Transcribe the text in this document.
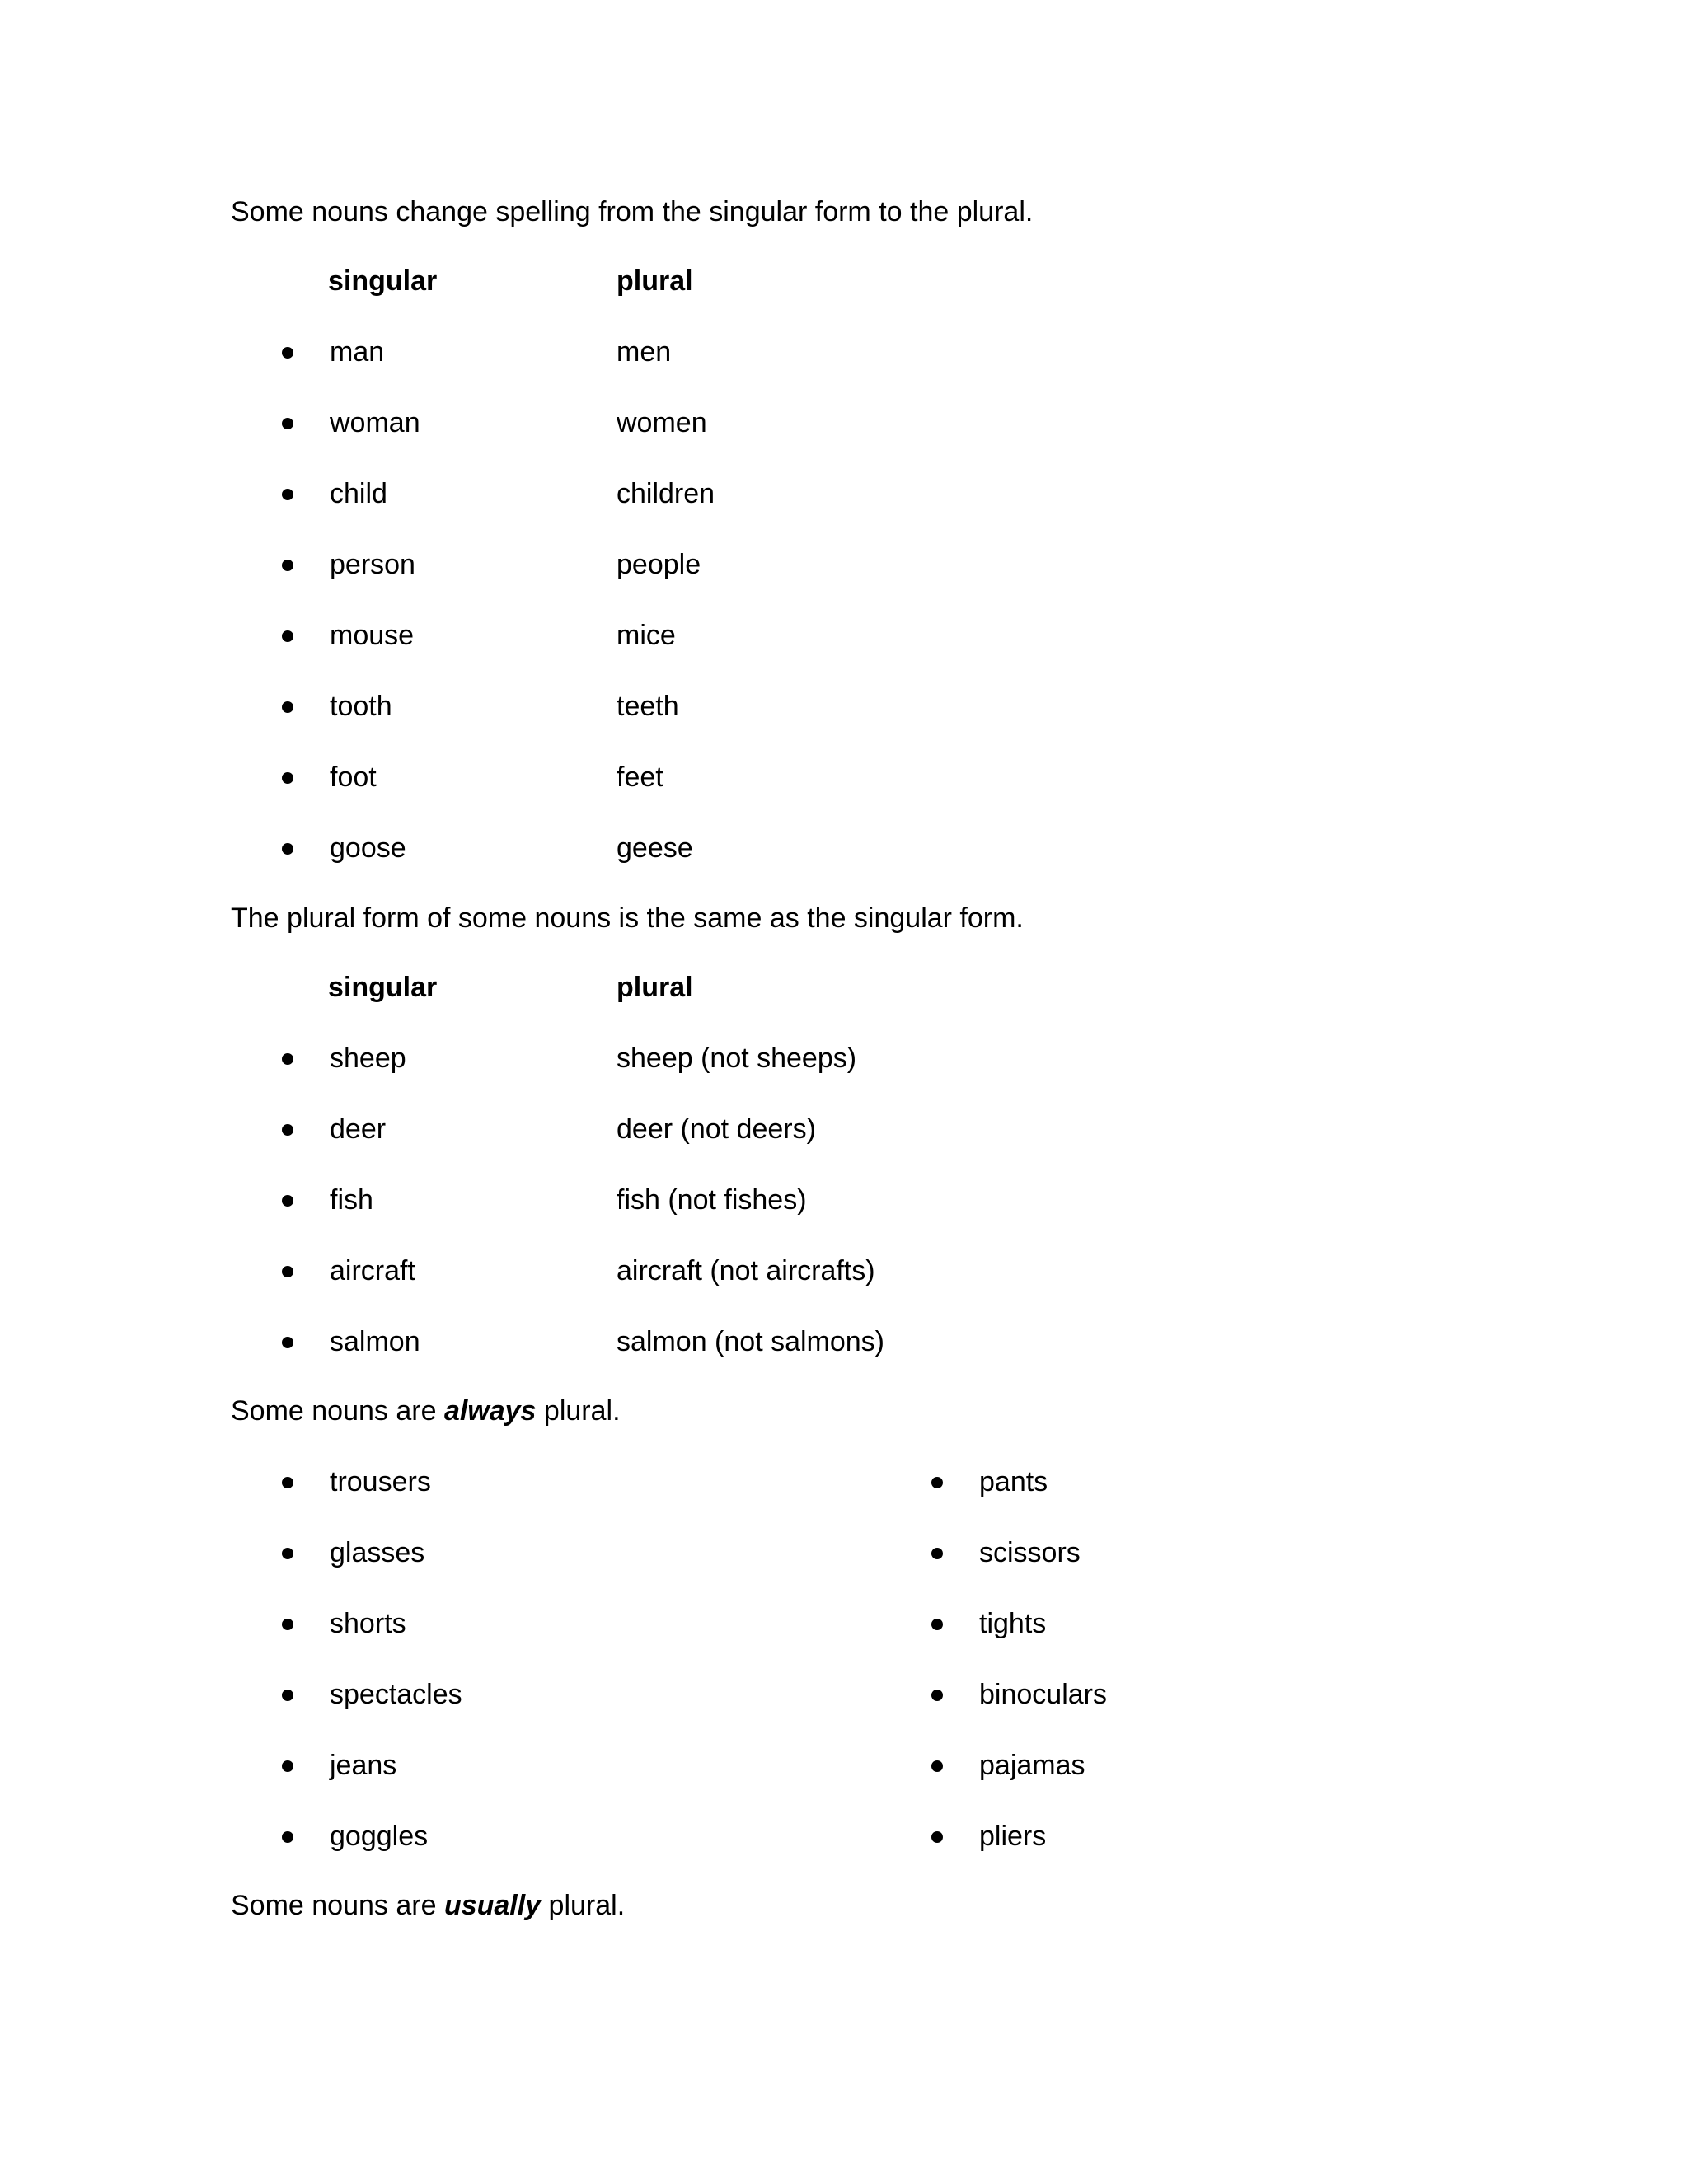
Some nouns change spelling from the singular form to the plural.
singular	plural
man	men
woman	women
child	children
person	people
mouse	mice
tooth	teeth
foot	feet
goose	geese
The plural form of some nouns is the same as the singular form.
singular	plural
sheep	sheep (not sheeps)
deer	deer (not deers)
fish	fish (not fishes)
aircraft	aircraft (not aircrafts)
salmon	salmon (not salmons)
Some nouns are always plural.
trousers
glasses
shorts
spectacles
jeans
goggles
pants
scissors
tights
binoculars
pajamas
pliers
Some nouns are usually plural.
